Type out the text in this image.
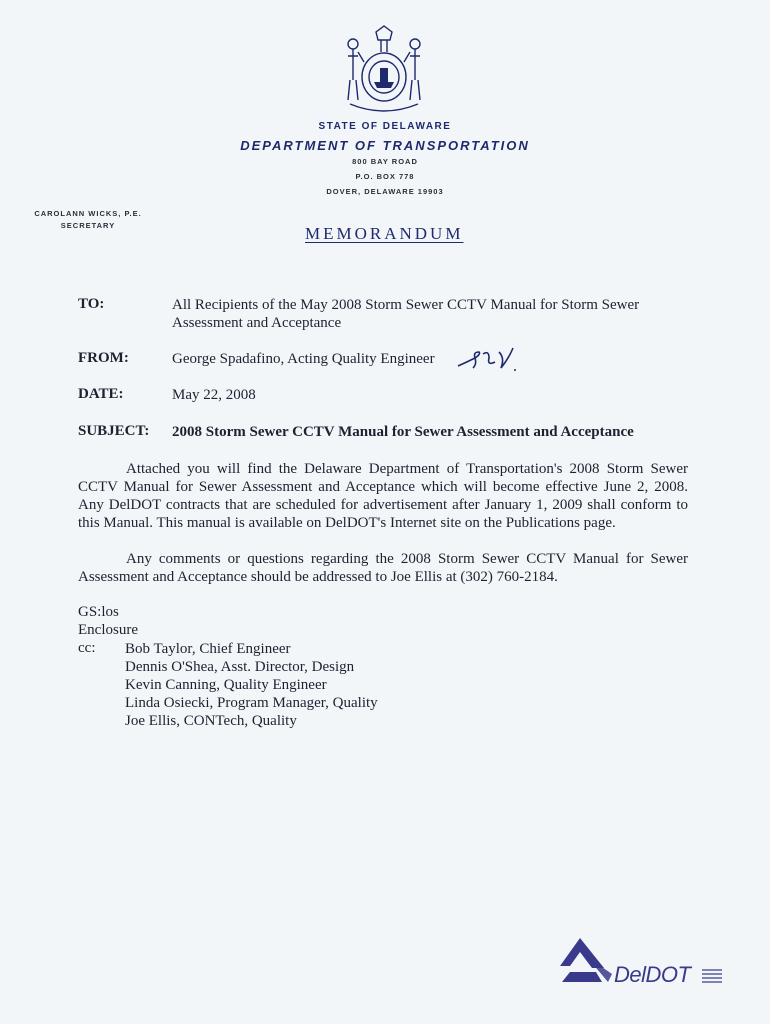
STATE OF DELAWARE
DEPARTMENT OF TRANSPORTATION
800 BAY ROAD
P.O. BOX 778
DOVER, DELAWARE 19903
CAROLANN WICKS, P.E.
SECRETARY	MEMORANDUM
TO:	All Recipients of the May 2008 Storm Sewer CCTV Manual for Storm Sewer
Assessment and Acceptance
FROM:	George Spadafino, Acting Quality Engineer
DATE:	May 22, 2008
SUBJECT: 2008 Storm Sewer CCTV Manual for Sewer Assessment and Acceptance
Attached you will find the Delaware Department of Transportation's 2008 Storm Sewer CCTV Manual for Sewer Assessment and Acceptance which will become effective June 2, 2008. Any DelDOT contracts that are scheduled for advertisement after January 1, 2009 shall conform to this Manual. This manual is available on DelDOT's Internet site on the Publications page.
Any comments or questions regarding the 2008 Storm Sewer CCTV Manual for Sewer Assessment and Acceptance should be addressed to Joe Ellis at (302) 760-2184.
GS:los
Enclosure
cc: Bob Taylor, Chief Engineer
Dennis O'Shea, Asst. Director, Design
Kevin Canning, Quality Engineer
Linda Osiecki, Program Manager, Quality
Joe Ellis, CONTech, Quality
DelDOT
